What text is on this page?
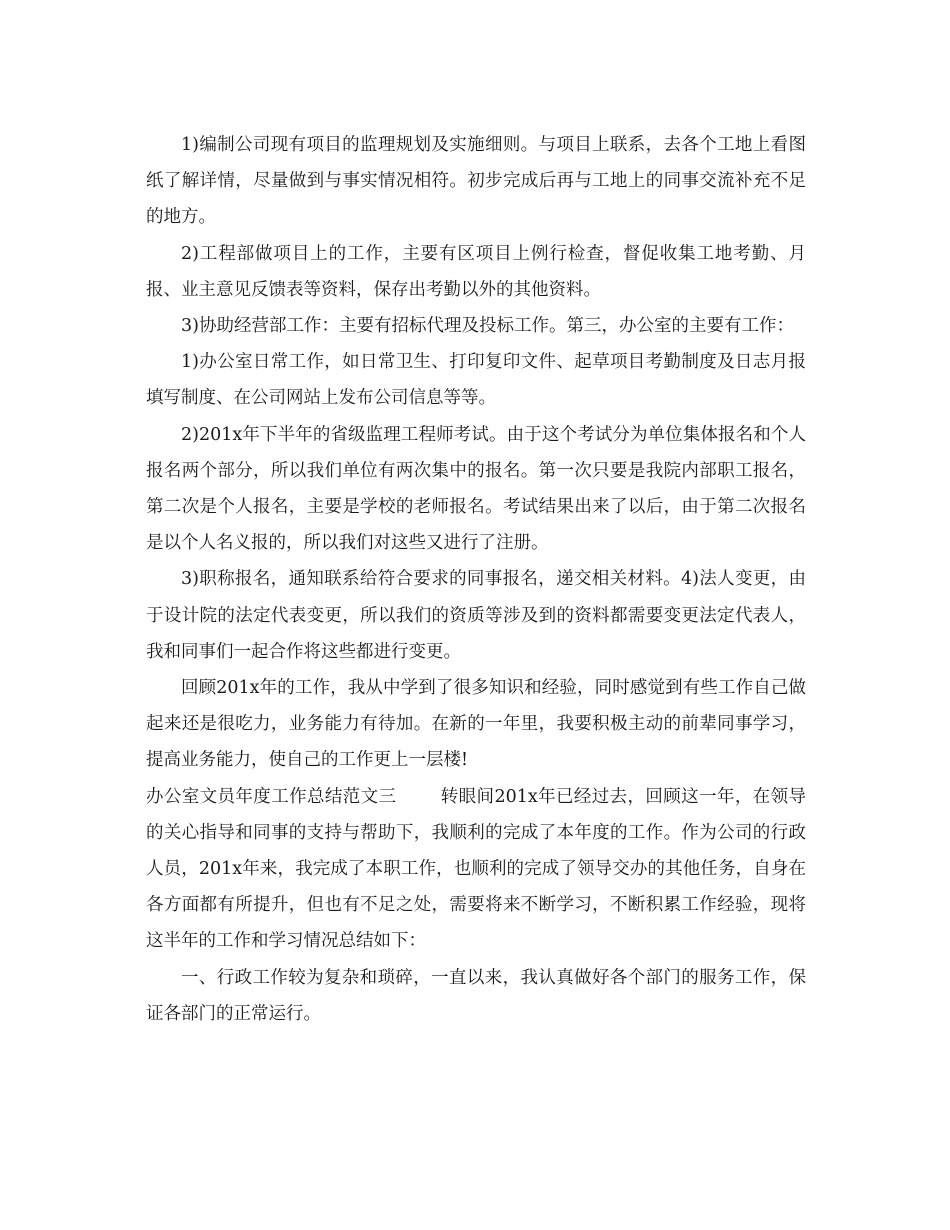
1)编制公司现有项目的监理规划及实施细则。与项目上联系，去各个工地上看图纸了解详情，尽量做到与事实情况相符。初步完成后再与工地上的同事交流补充不足的地方。

2)工程部做项目上的工作，主要有区项目上例行检查，督促收集工地考勤、月报、业主意见反馈表等资料，保存出考勤以外的其他资料。

3)协助经营部工作：主要有招标代理及投标工作。第三，办公室的主要有工作：

1)办公室日常工作，如日常卫生、打印复印文件、起草项目考勤制度及日志月报填写制度、在公司网站上发布公司信息等等。

2)201x年下半年的省级监理工程师考试。由于这个考试分为单位集体报名和个人报名两个部分，所以我们单位有两次集中的报名。第一次只要是我院内部职工报名，第二次是个人报名，主要是学校的老师报名。考试结果出来了以后，由于第二次报名是以个人名义报的，所以我们对这些又进行了注册。

3)职称报名，通知联系给符合要求的同事报名，递交相关材料。4)法人变更，由于设计院的法定代表变更，所以我们的资质等涉及到的资料都需要变更法定代表人，我和同事们一起合作将这些都进行变更。

回顾201x年的工作，我从中学到了很多知识和经验，同时感觉到有些工作自己做起来还是很吃力，业务能力有待加。在新的一年里，我要积极主动的前辈同事学习，提高业务能力，使自己的工作更上一层楼!

办公室文员年度工作总结范文三	转眼间201x年已经过去，回顾这一年，在领导的关心指导和同事的支持与帮助下，我顺利的完成了本年度的工作。作为公司的行政人员，201x年来，我完成了本职工作，也顺利的完成了领导交办的其他任务，自身在各方面都有所提升，但也有不足之处，需要将来不断学习，不断积累工作经验，现将这半年的工作和学习情况总结如下：

一、行政工作较为复杂和琐碎，一直以来，我认真做好各个部门的服务工作，保证各部门的正常运行。
